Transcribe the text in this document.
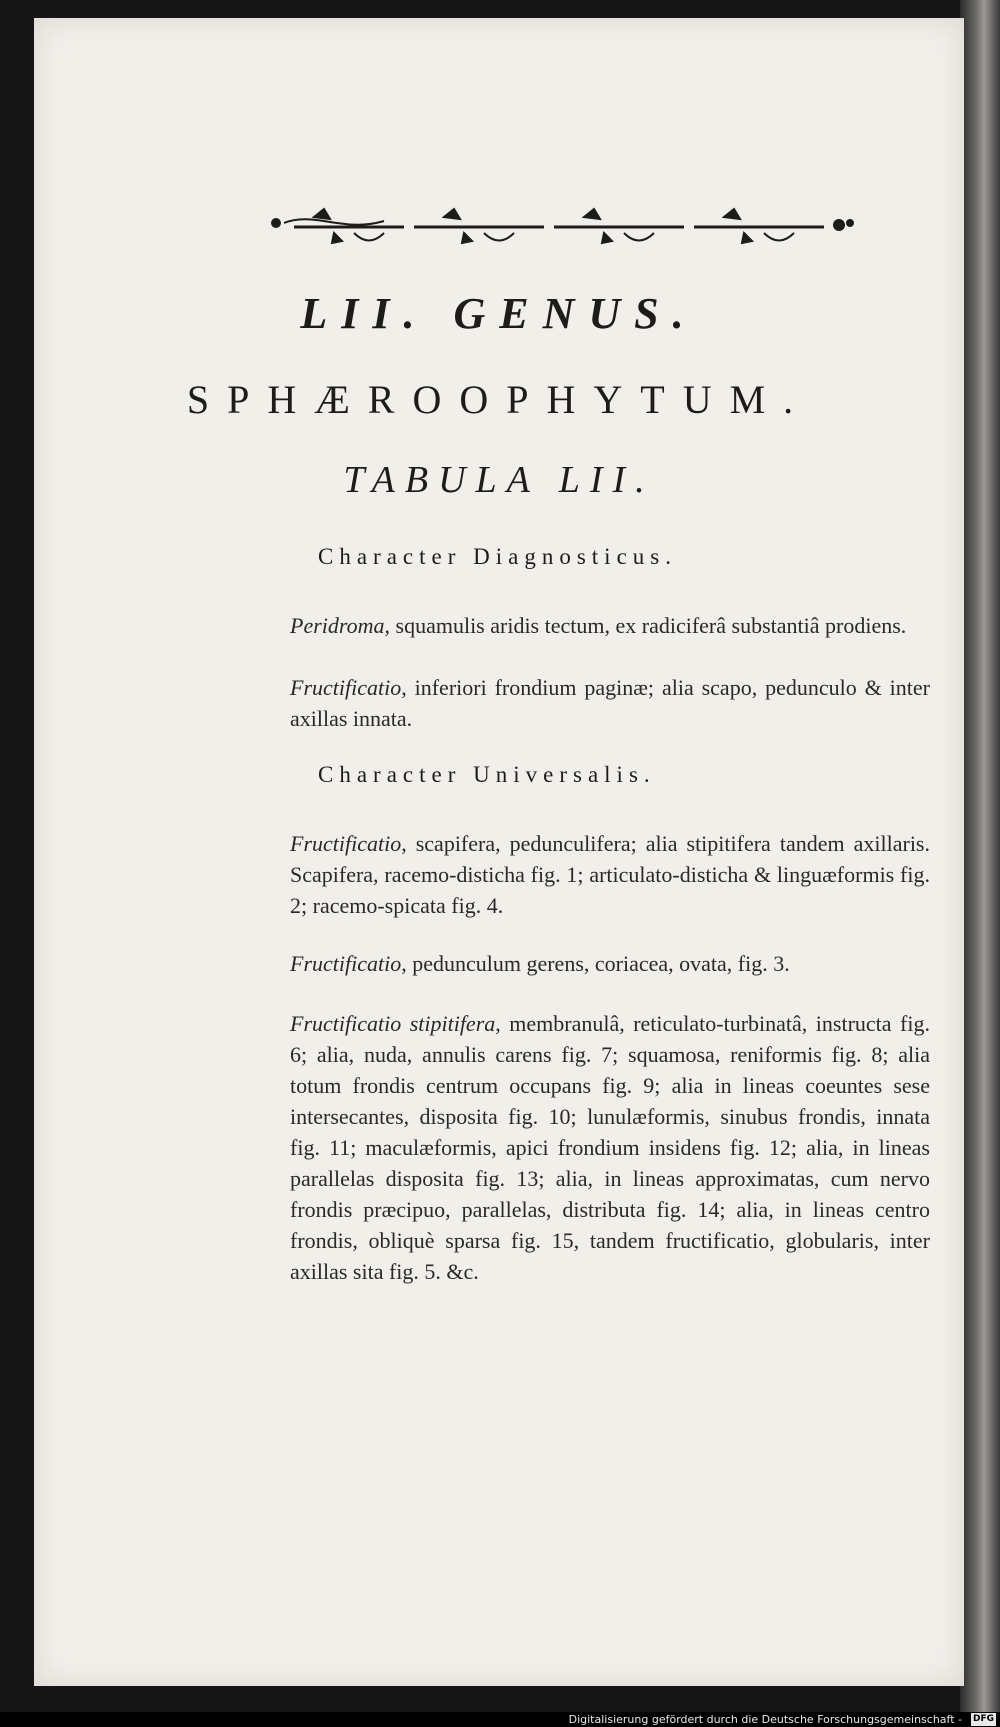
LII. GENUS.
SPHÆROOPHYTUM.
TABULA LII.
Character Diagnosticus.
Peridroma, squamulis aridis tectum, ex radiciferâ substantiâ prodiens.
Fructificatio, inferiori frondium paginæ; alia scapo, pedunculo & inter axillas innata.
Character Universalis.
Fructificatio, scapifera, pedunculifera; alia stipitifera tandem axillaris. Scapifera, racemo-disticha fig. 1; articulato-disticha & linguæformis fig. 2; racemo-spicata fig. 4.
Fructificatio, pedunculum gerens, coriacea, ovata, fig. 3.
Fructificatio stipitifera, membranulâ, reticulato-turbinatâ, instructa fig. 6; alia, nuda, annulis carens fig. 7; squamosa, reniformis fig. 8; alia totum frondis centrum occupans fig. 9; alia in lineas coeuntes sese intersecantes, disposita fig. 10; lunulæformis, sinubus frondis, innata fig. 11; maculæformis, apici frondium insidens fig. 12; alia, in lineas parallelas disposita fig. 13; alia, in lineas approximatas, cum nervo frondis præcipuo, parallelas, distributa fig. 14; alia, in lineas centro frondis, obliquè sparsa fig. 15, tandem fructificatio, globularis, inter axillas sita fig. 5. &c.
Digitalisierung gefördert durch die Deutsche Forschungsgemeinschaft - DFG
